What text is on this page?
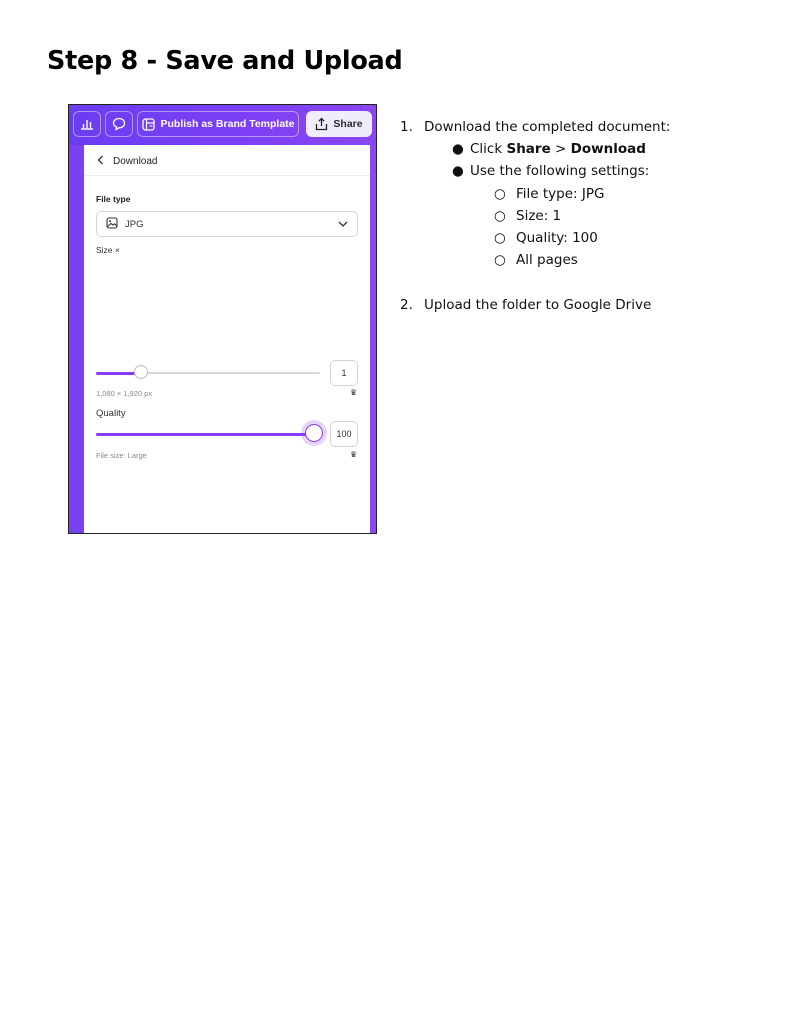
Step 8 - Save and Upload
Publish as Brand Template	Share
Download
File type
JPG
Size ×
1
1,080 × 1,920 px	♛
Quality
100
File size: Large	♛
1. Download the completed document:
● Click Share > Download
● Use the following settings:
○ File type: JPG
○ Size: 1
○ Quality: 100
○ All pages
2. Upload the folder to Google Drive
